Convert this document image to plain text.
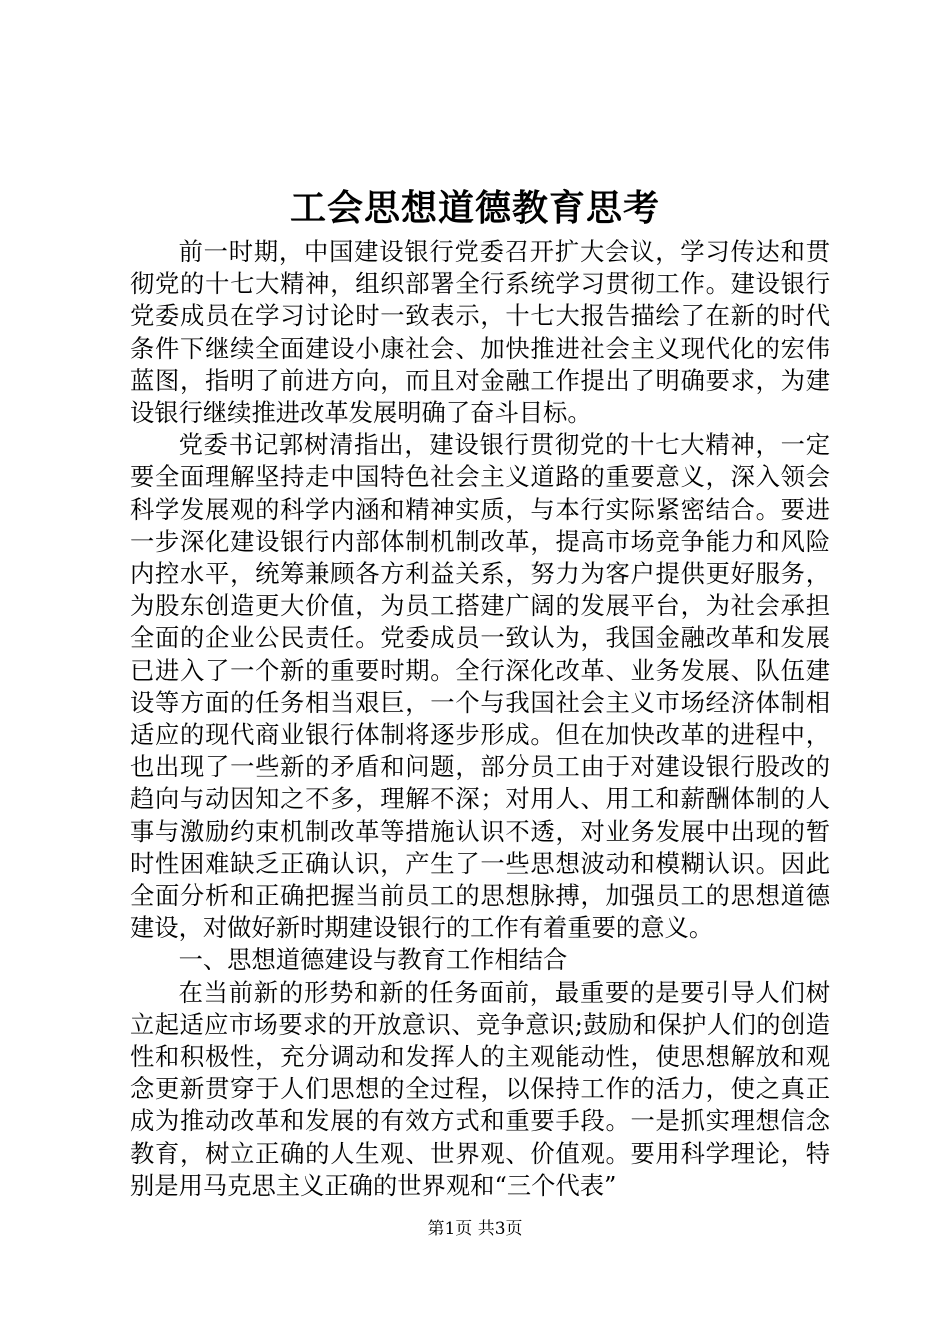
工会思想道德教育思考

前一时期，中国建设银行党委召开扩大会议，学习传达和贯彻党的十七大精神，组织部署全行系统学习贯彻工作。建设银行党委成员在学习讨论时一致表示，十七大报告描绘了在新的时代条件下继续全面建设小康社会、加快推进社会主义现代化的宏伟蓝图，指明了前进方向，而且对金融工作提出了明确要求，为建设银行继续推进改革发展明确了奋斗目标。

党委书记郭树清指出，建设银行贯彻党的十七大精神，一定要全面理解坚持走中国特色社会主义道路的重要意义，深入领会科学发展观的科学内涵和精神实质，与本行实际紧密结合。要进一步深化建设银行内部体制机制改革，提高市场竞争能力和风险内控水平，统筹兼顾各方利益关系，努力为客户提供更好服务，为股东创造更大价值，为员工搭建广阔的发展平台，为社会承担全面的企业公民责任。党委成员一致认为，我国金融改革和发展已进入了一个新的重要时期。全行深化改革、业务发展、队伍建设等方面的任务相当艰巨，一个与我国社会主义市场经济体制相适应的现代商业银行体制将逐步形成。但在加快改革的进程中，也出现了一些新的矛盾和问题，部分员工由于对建设银行股改的趋向与动因知之不多，理解不深；对用人、用工和薪酬体制的人事与激励约束机制改革等措施认识不透，对业务发展中出现的暂时性困难缺乏正确认识，产生了一些思想波动和模糊认识。因此全面分析和正确把握当前员工的思想脉搏，加强员工的思想道德建设，对做好新时期建设银行的工作有着重要的意义。

一、思想道德建设与教育工作相结合

在当前新的形势和新的任务面前，最重要的是要引导人们树立起适应市场要求的开放意识、竞争意识;鼓励和保护人们的创造性和积极性，充分调动和发挥人的主观能动性，使思想解放和观念更新贯穿于人们思想的全过程，以保持工作的活力，使之真正成为推动改革和发展的有效方式和重要手段。一是抓实理想信念教育，树立正确的人生观、世界观、价值观。要用科学理论，特别是用马克思主义正确的世界观和“三个代表”

第1页 共3页
